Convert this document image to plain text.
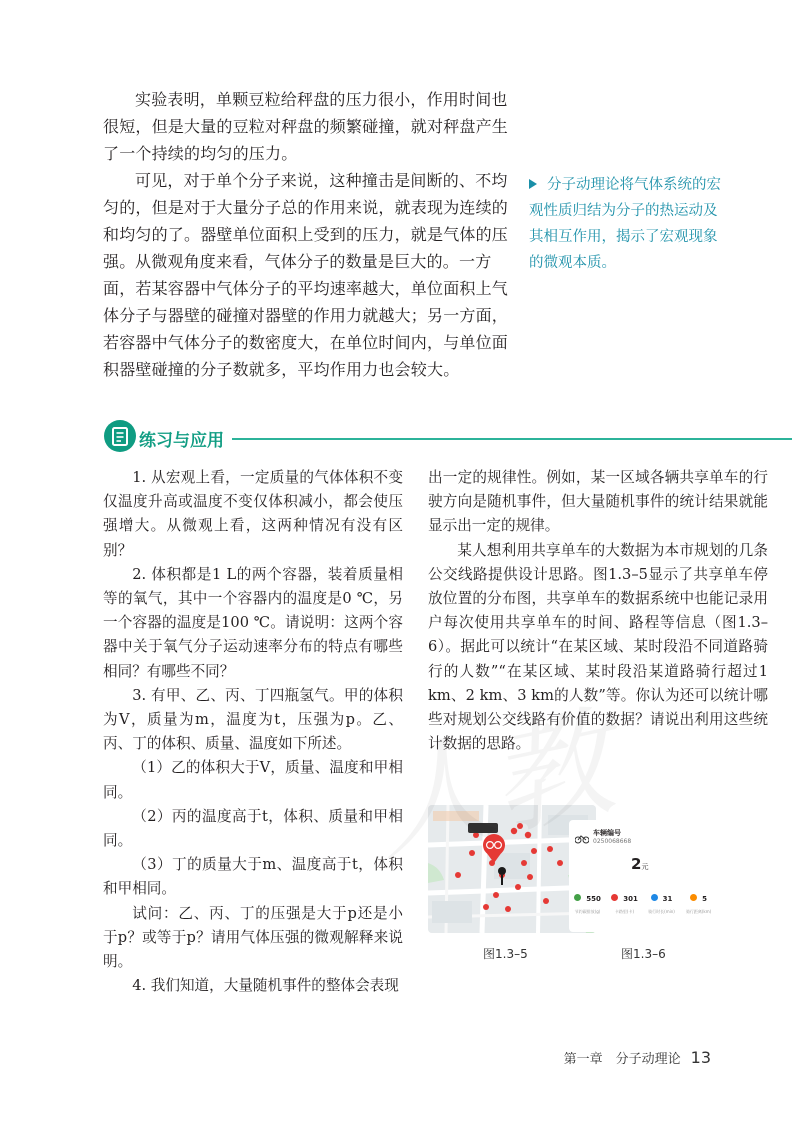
实验表明，单颗豆粒给秤盘的压力很小，作用时间也很短，但是大量的豆粒对秤盘的频繁碰撞，就对秤盘产生了一个持续的均匀的压力。

可见，对于单个分子来说，这种撞击是间断的、不均匀的，但是对于大量分子总的作用来说，就表现为连续的和均匀的了。器壁单位面积上受到的压力，就是气体的压强。 从微观角度来看，气体分子的数量是巨大的。一方面，若某容器中气体分子的平均速率越大，单位面积上气体分子与器壁的碰撞对器壁的作用力就越大；另一方面，若容器中气体分子的数密度大，在单位时间内，与单位面积器壁碰撞的分子数就多，平均作用力也会较大。

分子动理论将气体系统的宏观性质归结为分子的热运动及其相互作用，揭示了宏观现象的微观本质。

练习与应用

1. 从宏观上看，一定质量的气体体积不变仅温度升高或温度不变仅体积减小，都会使压强增大。从微观上看，这两种情况有没有区别？

2. 体积都是1 L的两个容器，装着质量相等的氧气，其中一个容器内的温度是0 ℃，另一个容器的温度是100 ℃。请说明：这两个容器中关于氧气分子运动速率分布的特点有哪些相同？有哪些不同？

3. 有甲、乙、丙、丁四瓶氢气。甲的体积为V，质量为m，温度为t，压强为p。乙、丙、丁的体积、质量、温度如下所述。

（1）乙的体积大于V，质量、温度和甲相同。

（2）丙的温度高于t，体积、质量和甲相同。

（3）丁的质量大于m、温度高于t，体积和甲相同。

试问：乙、丙、丁的压强是大于p还是小于p？或等于p？请用气体压强的微观解释来说明。

4. 我们知道，大量随机事件的整体会表现

出一定的规律性。例如，某一区域各辆共享单车的行驶方向是随机事件，但大量随机事件的统计结果就能显示出一定的规律。

某人想利用共享单车的大数据为本市规划的几条公交线路提供设计思路。图1.3–5显示了共享单车停放位置的分布图，共享单车的数据系统中也能记录用户每次使用共享单车的时间、路程等信息（图1.3–6）。据此可以统计“在某区域、某时段沿不同道路骑行的人数”“在某区域、某时段沿某道路骑行超过1 km、2 km、3 km的人数”等。你认为还可以统计哪些对规划公交线路有价值的数据？请说出利用这些统计数据的思路。

图1.3–5
车辆编号
0250068668
2元
550
节约碳排放(g)
301
卡路里(卡)
31
骑行时长(min)
5
骑行距离(km)
图1.3–6
第一章　分子动理论 13
